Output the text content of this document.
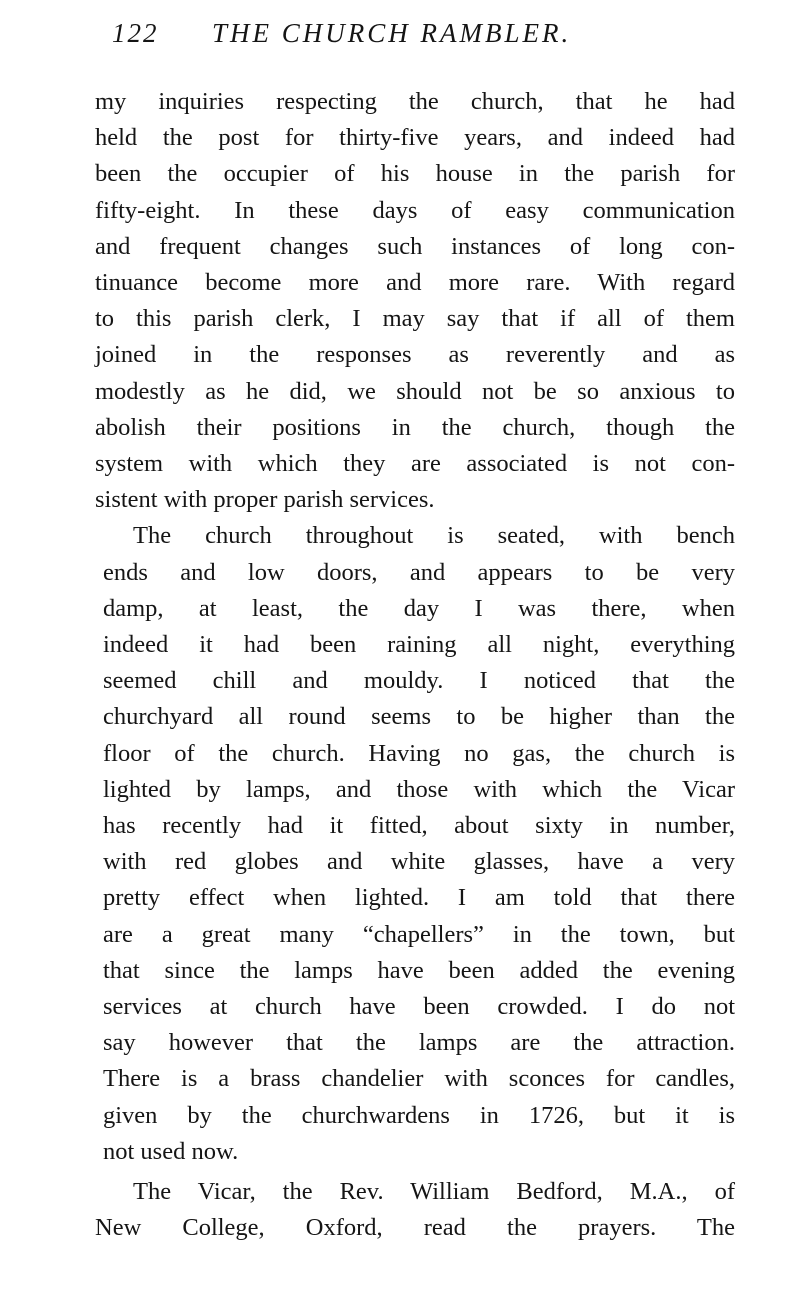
122 THE CHURCH RAMBLER.
my inquiries respecting the church, that he had
held the post for thirty-five years, and indeed had
been the occupier of his house in the parish for
fifty-eight. In these days of easy communication
and frequent changes such instances of long con-
tinuance become more and more rare. With regard
to this parish clerk, I may say that if all of them
joined in the responses as reverently and as
modestly as he did, we should not be so anxious to
abolish their positions in the church, though the
system with which they are associated is not con-
sistent with proper parish services.
The church throughout is seated, with bench
ends and low doors, and appears to be very
damp, at least, the day I was there, when
indeed it had been raining all night, everything
seemed chill and mouldy. I noticed that the
churchyard all round seems to be higher than the
floor of the church. Having no gas, the church is
lighted by lamps, and those with which the Vicar
has recently had it fitted, about sixty in number,
with red globes and white glasses, have a very
pretty effect when lighted. I am told that there
are a great many “chapellers” in the town, but
that since the lamps have been added the evening
services at church have been crowded. I do not
say however that the lamps are the attraction.
There is a brass chandelier with sconces for candles,
given by the churchwardens in 1726, but it is
not used now.
The Vicar, the Rev. William Bedford, M.A., of
New College, Oxford, read the prayers. The
